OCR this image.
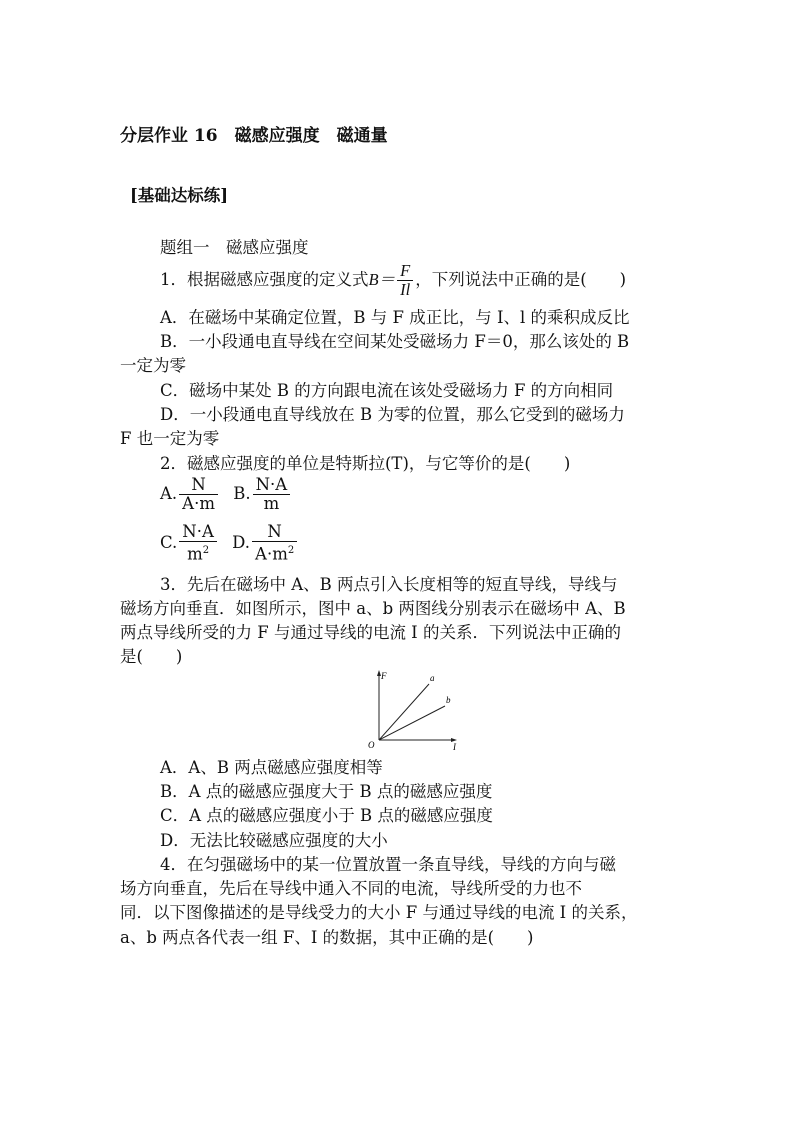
分层作业 16　磁感应强度　磁通量
[基础达标练]
题组一　磁感应强度
1．根据磁感应强度的定义式$B= \frac{F}{Il}$ ，下列说法中正确的是(　　)
A．在磁场中某确定位置，B 与 F 成正比，与 I、l 的乘积成反比
B．一小段通电直导线在空间某处受磁场力 F＝0，那么该处的 B
一定为零
C．磁场中某处 B 的方向跟电流在该处受磁场力 F 的方向相同
D．一小段通电直导线放在 B 为零的位置，那么它受到的磁场力
F 也一定为零
2．磁感应强度的单位是特斯拉(T)，与它等价的是(　　)
A. $\frac{N}{A\cdot m} B$. $\frac{N\cdot A}{m}$
C. $\frac{N\cdot A}{m^2} D$. $\frac{N}{A\cdot m^2}$
3．先后在磁场中 A、B 两点引入长度相等的短直导线，导线与
磁场方向垂直．如图所示，图中 a、b 两图线分别表示在磁场中 A、B
两点导线所受的力 F 与通过导线的电流 I 的关系．下列说法中正确的
是(　　)
F
I
O
a
b
A．A、B 两点磁感应强度相等
B．A 点的磁感应强度大于 B 点的磁感应强度
C．A 点的磁感应强度小于 B 点的磁感应强度
D．无法比较磁感应强度的大小
4．在匀强磁场中的某一位置放置一条直导线，导线的方向与磁
场方向垂直，先后在导线中通入不同的电流，导线所受的力也不
同．以下图像描述的是导线受力的大小 F 与通过导线的电流 I 的关系，
a、b 两点各代表一组 F、I 的数据，其中正确的是(　　)
